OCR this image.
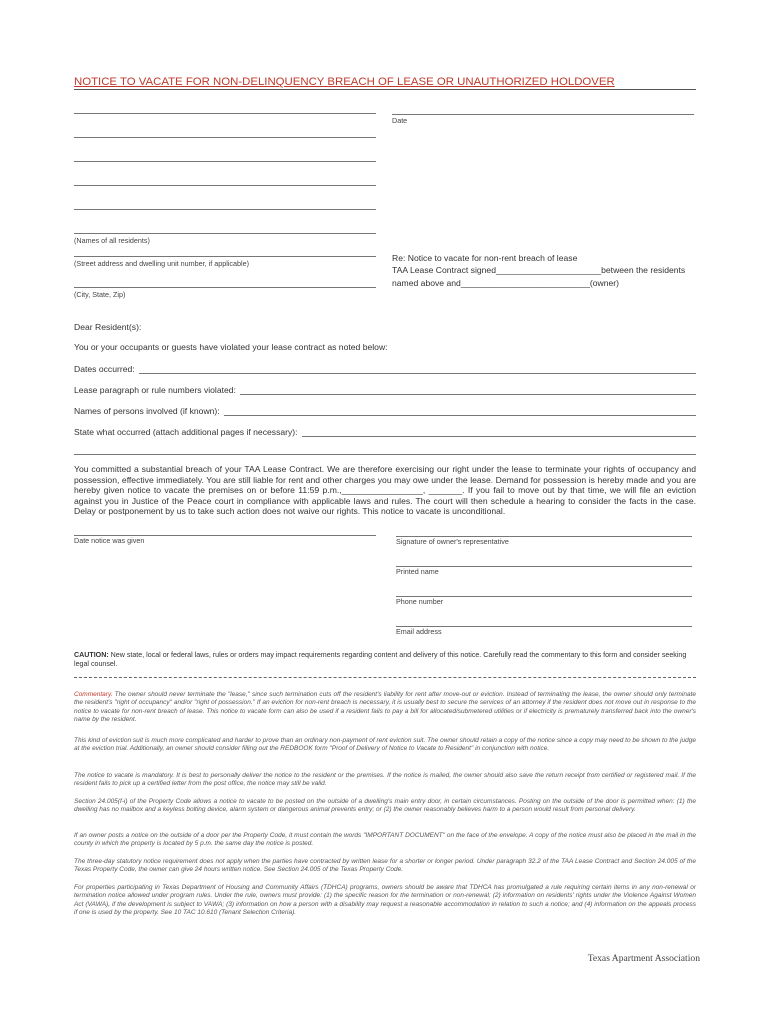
NOTICE TO VACATE FOR NON-DELINQUENCY BREACH OF LEASE OR UNAUTHORIZED HOLDOVER
Date
(Names of all residents)
(Street address and dwelling unit number, if applicable)
(City, State, Zip)
Re: Notice to vacate for non-rent breach of lease
TAA Lease Contract signed______________________between the residents
named above and___________________________(owner)
Dear Resident(s):
You or your occupants or guests have violated your lease contract as noted below:
Dates occurred:
Lease paragraph or rule numbers violated:
Names of persons involved (if known):
State what occurred (attach additional pages if necessary):
You committed a substantial breach of your TAA Lease Contract. We are therefore exercising our right under the lease to terminate your rights of occupancy and possession, effective immediately. You are still liable for rent and other charges you may owe under the lease. Demand for possession is hereby made and you are hereby given notice to vacate the premises on or before 11:59 p.m.,_________________, _______. If you fail to move out by that time, we will file an eviction against you in Justice of the Peace court in compliance with applicable laws and rules. The court will then schedule a hearing to consider the facts in the case. Delay or postponement by us to take such action does not waive our rights. This notice to vacate is unconditional.
Date notice was given	Signature of owner's representative
Printed name
Phone number
Email address
CAUTION: New state, local or federal laws, rules or orders may impact requirements regarding content and delivery of this notice. Carefully read the commentary to this form and consider seeking legal counsel.
Commentary. The owner should never terminate the "lease," since such termination cuts off the resident's liability for rent after move-out or eviction. Instead of terminating the lease, the owner should only terminate the resident's "right of occupancy" and/or "right of possession." If an eviction for non-rent breach is necessary, it is usually best to secure the services of an attorney if the resident does not move out in response to the notice to vacate for non-rent breach of lease. This notice to vacate form can also be used if a resident fails to pay a bill for allocated/submetered utilities or if electricity is prematurely transferred back into the owner's name by the resident.
This kind of eviction suit is much more complicated and harder to prove than an ordinary non-payment of rent eviction suit. The owner should retain a copy of the notice since a copy may need to be shown to the judge at the eviction trial. Additionally, an owner should consider filling out the REDBOOK form "Proof of Delivery of Notice to Vacate to Resident" in conjunction with notice.
The notice to vacate is mandatory. It is best to personally deliver the notice to the resident or the premises. If the notice is mailed, the owner should also save the return receipt from certified or registered mail. If the resident fails to pick up a certified letter from the post office, the notice may still be valid.
Section 24.005(f-i) of the Property Code allows a notice to vacate to be posted on the outside of a dwelling's main entry door, in certain circumstances. Posting on the outside of the door is permitted when: (1) the dwelling has no mailbox and a keyless bolting device, alarm system or dangerous animal prevents entry; or (2) the owner reasonably believes harm to a person would result from personal delivery.
If an owner posts a notice on the outside of a door per the Property Code, it must contain the words "IMPORTANT DOCUMENT" on the face of the envelope. A copy of the notice must also be placed in the mail in the county in which the property is located by 5 p.m. the same day the notice is posted.
The three-day statutory notice requirement does not apply when the parties have contracted by written lease for a shorter or longer period. Under paragraph 32.2 of the TAA Lease Contract and Section 24.005 of the Texas Property Code, the owner can give 24 hours written notice. See Section 24.005 of the Texas Property Code.
For properties participating in Texas Department of Housing and Community Affairs (TDHCA) programs, owners should be aware that TDHCA has promulgated a rule requiring certain items in any non-renewal or termination notice allowed under program rules. Under the rule, owners must provide: (1) the specific reason for the termination or non-renewal; (2) information on residents' rights under the Violence Against Women Act (VAWA), if the development is subject to VAWA; (3) information on how a person with a disability may request a reasonable accommodation in relation to such a notice; and (4) information on the appeals process if one is used by the property. See 10 TAC 10.610 (Tenant Selection Criteria).
Texas Apartment Association
